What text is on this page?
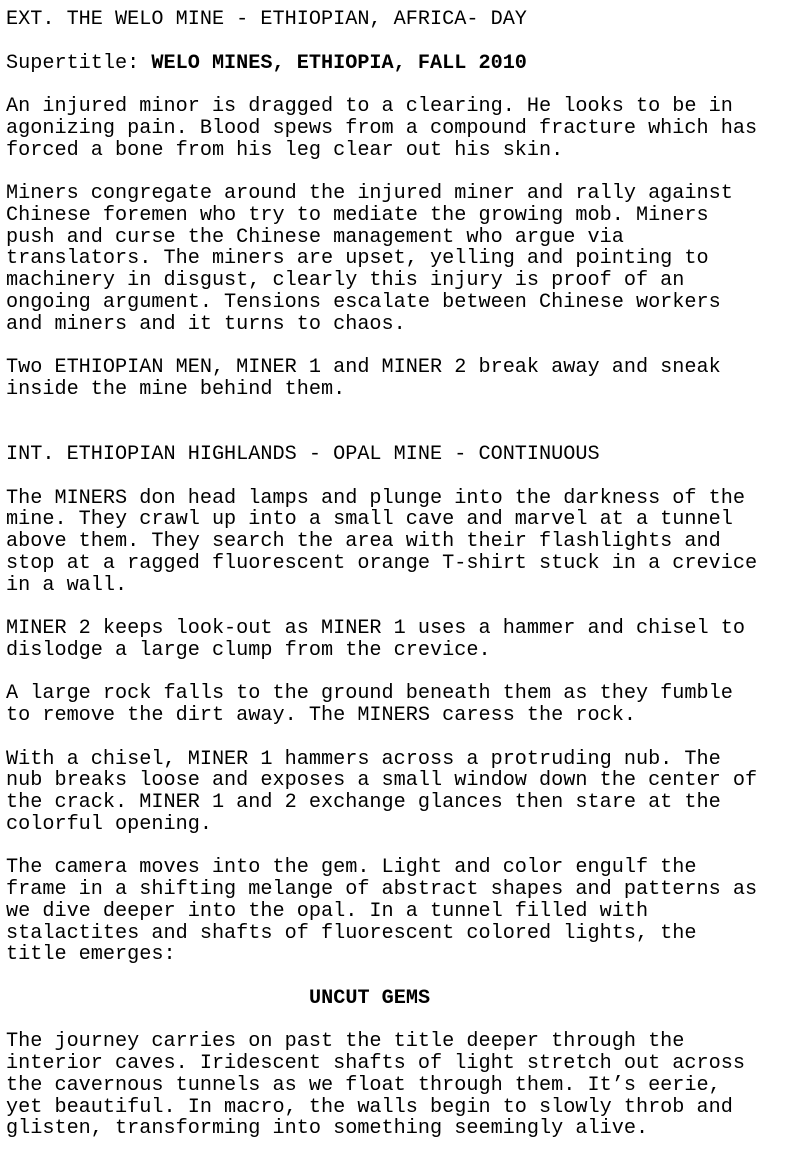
EXT. THE WELO MINE - ETHIOPIAN, AFRICA- DAY
Supertitle: WELO MINES, ETHIOPIA, FALL 2010
An injured minor is dragged to a clearing. He looks to be in
agonizing pain. Blood spews from a compound fracture which has
forced a bone from his leg clear out his skin.
Miners congregate around the injured miner and rally against
Chinese foremen who try to mediate the growing mob. Miners
push and curse the Chinese management who argue via
translators. The miners are upset, yelling and pointing to
machinery in disgust, clearly this injury is proof of an
ongoing argument. Tensions escalate between Chinese workers
and miners and it turns to chaos.
Two ETHIOPIAN MEN, MINER 1 and MINER 2 break away and sneak
inside the mine behind them.
INT. ETHIOPIAN HIGHLANDS - OPAL MINE - CONTINUOUS
The MINERS don head lamps and plunge into the darkness of the
mine. They crawl up into a small cave and marvel at a tunnel
above them. They search the area with their flashlights and
stop at a ragged fluorescent orange T-shirt stuck in a crevice
in a wall.
MINER 2 keeps look-out as MINER 1 uses a hammer and chisel to
dislodge a large clump from the crevice.
A large rock falls to the ground beneath them as they fumble
to remove the dirt away. The MINERS caress the rock.
With a chisel, MINER 1 hammers across a protruding nub. The
nub breaks loose and exposes a small window down the center of
the crack. MINER 1 and 2 exchange glances then stare at the
colorful opening.
The camera moves into the gem. Light and color engulf the
frame in a shifting melange of abstract shapes and patterns as
we dive deeper into the opal. In a tunnel filled with
stalactites and shafts of fluorescent colored lights, the
title emerges:
UNCUT GEMS
The journey carries on past the title deeper through the
interior caves. Iridescent shafts of light stretch out across
the cavernous tunnels as we float through them. It’s eerie,
yet beautiful. In macro, the walls begin to slowly throb and
glisten, transforming into something seemingly alive.
